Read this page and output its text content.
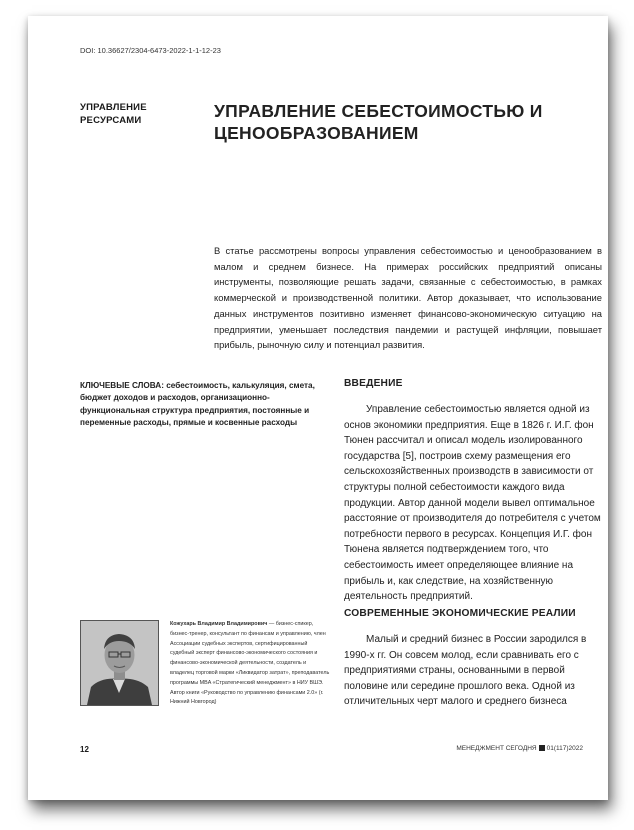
DOI: 10.36627/2304-6473-2022-1-1-12-23
УПРАВЛЕНИЕ РЕСУРСАМИ	УПРАВЛЕНИЕ СЕБЕСТОИМОСТЬЮ И ЦЕНООБРАЗОВАНИЕМ
В статье рассмотрены вопросы управления себестоимостью и ценообразованием в малом и среднем бизнесе. На примерах российских предприятий описаны инструменты, позволяющие решать задачи, связанные с себестоимостью, в рамках коммерческой и производственной политики. Автор доказывает, что использование данных инструментов позитивно изменяет финансово-экономическую ситуацию на предприятии, уменьшает последствия пандемии и растущей инфляции, повышает прибыль, рыночную силу и потенциал развития.
КЛЮЧЕВЫЕ СЛОВА: себестоимость, калькуляция, смета, бюджет доходов и расходов, организационно-функциональная структура предприятия, постоянные и переменные расходы, прямые и косвенные расходы
ВВЕДЕНИЕ
Управление себестоимостью является одной из основ экономики предприятия. Еще в 1826 г. И.Г. фон Тюнен рассчитал и описал модель изолированного государства [5], построив схему размещения его сельскохозяйственных производств в зависимости от структуры полной себестоимости каждого вида продукции. Автор данной модели вывел оптимальное расстояние от производителя до потребителя с учетом потребности первого в ресурсах. Концепция И.Г. фон Тюнена является подтверждением того, что себестоимость имеет определяющее влияние на прибыль и, как следствие, на хозяйственную деятельность предприятий.
СОВРЕМЕННЫЕ ЭКОНОМИЧЕСКИЕ РЕАЛИИ
Малый и средний бизнес в России зародился в 1990-х гг. Он совсем молод, если сравнивать его с предприятиями страны, основанными в первой половине или середине прошлого века. Одной из отличительных черт малого и среднего бизнеса
Кожухарь Владимир Владимирович — бизнес-спикер, бизнес-тренер, консультант по финансам и управлению, член Ассоциации судебных экспертов, сертифицированный судебный эксперт финансово-экономического состояния и финансово-экономической деятельности, создатель и владелец торговой марки «Ликвидатор затрат», преподаватель программы MBA «Стратегический менеджмент» в НИУ ВШЭ. Автор книги «Руководство по управлению финансами 2.0» (г. Нижний Новгород)
12	МЕНЕДЖМЕНТ СЕГОДНЯ 01(117)2022
